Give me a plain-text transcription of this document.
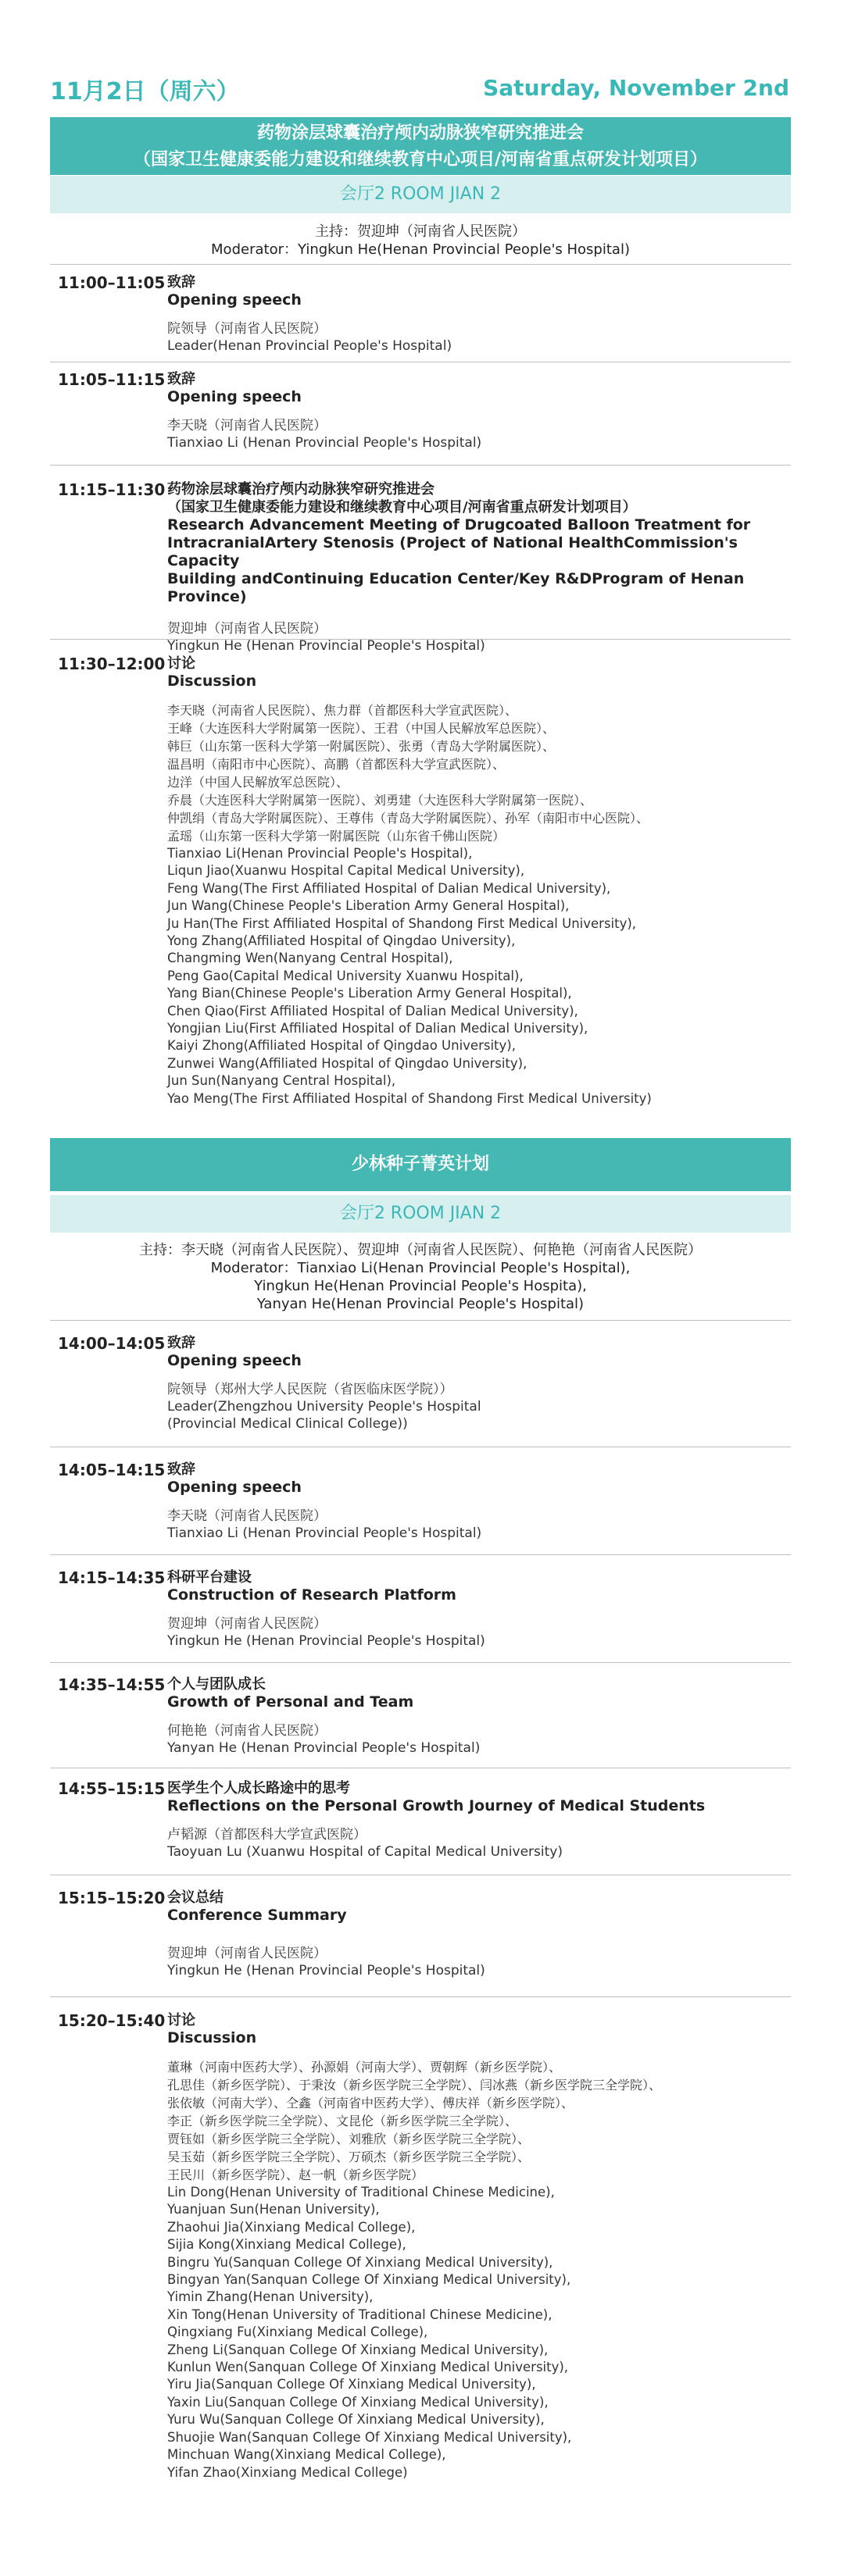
11月2日（周六）	Saturday, November 2nd
药物涂层球囊治疗颅内动脉狭窄研究推进会
（国家卫生健康委能力建设和继续教育中心项目/河南省重点研发计划项目）
会厅2 ROOM JIAN 2
主持：贺迎坤（河南省人民医院）
Moderator：Yingkun He(Henan Provincial People's Hospital)
11:00–11:05 致辞
Opening speech
院领导（河南省人民医院）
Leader(Henan Provincial People's Hospital)
11:05–11:15 致辞
Opening speech
李天晓（河南省人民医院）
Tianxiao Li (Henan Provincial People's Hospital)
11:15–11:30 药物涂层球囊治疗颅内动脉狭窄研究推进会
（国家卫生健康委能力建设和继续教育中心项目/河南省重点研发计划项目）
Research Advancement Meeting of Drugcoated Balloon Treatment for
IntracranialArtery Stenosis (Project of National HealthCommission's Capacity
Building andContinuing Education Center/Key R&DProgram of Henan Province)
贺迎坤（河南省人民医院）
Yingkun He (Henan Provincial People's Hospital)
11:30–12:00 讨论
Discussion
李天晓（河南省人民医院）、焦力群（首都医科大学宣武医院）、
王峰（大连医科大学附属第一医院）、王君（中国人民解放军总医院）、
韩巨（山东第一医科大学第一附属医院）、张勇（青岛大学附属医院）、
温昌明（南阳市中心医院）、高鹏（首都医科大学宣武医院）、
边洋（中国人民解放军总医院）、
乔晨（大连医科大学附属第一医院）、刘勇建（大连医科大学附属第一医院）、
仲凯绢（青岛大学附属医院）、王尊伟（青岛大学附属医院）、孙军（南阳市中心医院）、
孟瑶（山东第一医科大学第一附属医院（山东省千佛山医院）
Tianxiao Li(Henan Provincial People's Hospital),
Liqun Jiao(Xuanwu Hospital Capital Medical University),
Feng Wang(The First Affiliated Hospital of Dalian Medical University),
Jun Wang(Chinese People's Liberation Army General Hospital),
Ju Han(The First Affiliated Hospital of Shandong First Medical University),
Yong Zhang(Affiliated Hospital of Qingdao University),
Changming Wen(Nanyang Central Hospital),
Peng Gao(Capital Medical University Xuanwu Hospital),
Yang Bian(Chinese People's Liberation Army General Hospital),
Chen Qiao(First Affiliated Hospital of Dalian Medical University),
Yongjian Liu(First Affiliated Hospital of Dalian Medical University),
Kaiyi Zhong(Affiliated Hospital of Qingdao University),
Zunwei Wang(Affiliated Hospital of Qingdao University),
Jun Sun(Nanyang Central Hospital),
Yao Meng(The First Affiliated Hospital of Shandong First Medical University)
少林种子菁英计划
会厅2 ROOM JIAN 2
主持：李天晓（河南省人民医院）、贺迎坤（河南省人民医院）、何艳艳（河南省人民医院）
Moderator：Tianxiao Li(Henan Provincial People's Hospital),
Yingkun He(Henan Provincial People's Hospita),
Yanyan He(Henan Provincial People's Hospital)
14:00–14:05 致辞
Opening speech
院领导（郑州大学人民医院（省医临床医学院））
Leader(Zhengzhou University People's Hospital
(Provincial Medical Clinical College))
14:05–14:15 致辞
Opening speech
李天晓（河南省人民医院）
Tianxiao Li (Henan Provincial People's Hospital)
14:15–14:35 科研平台建设
Construction of Research Platform
贺迎坤（河南省人民医院）
Yingkun He (Henan Provincial People's Hospital)
14:35–14:55 个人与团队成长
Growth of Personal and Team
何艳艳（河南省人民医院）
Yanyan He (Henan Provincial People's Hospital)
14:55–15:15 医学生个人成长路途中的思考
Reflections on the Personal Growth Journey of Medical Students
卢韬源（首都医科大学宣武医院）
Taoyuan Lu (Xuanwu Hospital of Capital Medical University)
15:15–15:20 会议总结
Conference Summary
贺迎坤（河南省人民医院）
Yingkun He (Henan Provincial People's Hospital)
15:20–15:40 讨论
Discussion
董琳（河南中医药大学）、孙源娟（河南大学）、贾朝辉（新乡医学院）、
孔思佳（新乡医学院）、于秉汝（新乡医学院三全学院）、闫冰燕（新乡医学院三全学院）、
张依敏（河南大学）、仝鑫（河南省中医药大学）、傅庆祥（新乡医学院）、
李正（新乡医学院三全学院）、文昆伦（新乡医学院三全学院）、
贾钰如（新乡医学院三全学院）、刘雅欣（新乡医学院三全学院）、
吴玉茹（新乡医学院三全学院）、万硕杰（新乡医学院三全学院）、
王民川（新乡医学院）、赵一帆（新乡医学院）
Lin Dong(Henan University of Traditional Chinese Medicine),
Yuanjuan Sun(Henan University),
Zhaohui Jia(Xinxiang Medical College),
Sijia Kong(Xinxiang Medical College),
Bingru Yu(Sanquan College Of Xinxiang Medical University),
Bingyan Yan(Sanquan College Of Xinxiang Medical University),
Yimin Zhang(Henan University),
Xin Tong(Henan University of Traditional Chinese Medicine),
Qingxiang Fu(Xinxiang Medical College),
Zheng Li(Sanquan College Of Xinxiang Medical University),
Kunlun Wen(Sanquan College Of Xinxiang Medical University),
Yiru Jia(Sanquan College Of Xinxiang Medical University),
Yaxin Liu(Sanquan College Of Xinxiang Medical University),
Yuru Wu(Sanquan College Of Xinxiang Medical University),
Shuojie Wan(Sanquan College Of Xinxiang Medical University),
Minchuan Wang(Xinxiang Medical College),
Yifan Zhao(Xinxiang Medical College)
